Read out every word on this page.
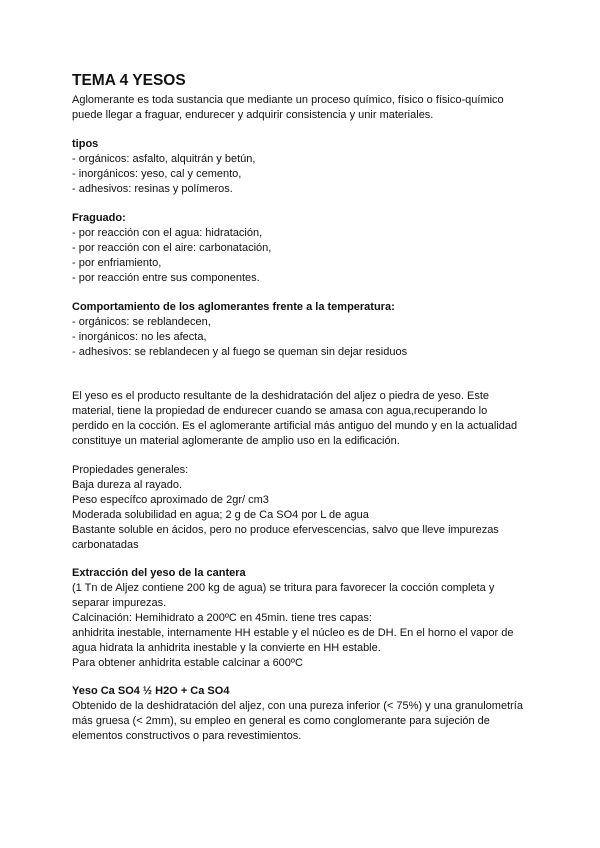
TEMA 4 YESOS

Aglomerante es toda sustancia que mediante un proceso químico, físico o físico-químico

puede llegar a fraguar, endurecer y adquirir consistencia y unir materiales.

tipos

- orgánicos: asfalto, alquitrán y betún,

- inorgánicos: yeso, cal y cemento,

- adhesivos: resinas y polímeros.

Fraguado:

- por reacción con el agua: hidratación,

- por reacción con el aire: carbonatación,

- por enfriamiento,

- por reacción entre sus componentes.

Comportamiento de los aglomerantes frente a la temperatura:

- orgánicos: se reblandecen,

- inorgánicos: no les afecta,

- adhesivos: se reblandecen y al fuego se queman sin dejar residuos

El yeso es el producto resultante de la deshidratación del aljez o piedra de yeso. Este

material, tiene la propiedad de endurecer cuando se amasa con agua,recuperando lo

perdido en la cocción. Es el aglomerante artificial más antiguo del mundo y en la actualidad

constituye un material aglomerante de amplio uso en la edificación.

Propiedades generales:

Baja dureza al rayado.

Peso específco aproximado de 2gr/ cm3

Moderada solubilidad en agua; 2 g de Ca SO4 por L de agua

Bastante soluble en ácidos, pero no produce efervescencias, salvo que lleve impurezas

carbonatadas

Extracción del yeso de la cantera

(1 Tn de Aljez contiene 200 kg de agua) se tritura para favorecer la cocción completa y

separar impurezas.

Calcinación: Hemihidrato a 200ºC en 45min. tiene tres capas:

anhidrita inestable, internamente HH estable y el núcleo es de DH. En el horno el vapor de

agua hidrata la anhidrita inestable y la convierte en HH estable.

Para obtener anhidrita estable calcinar a 600ºC

Yeso Ca SO4 ½ H2O + Ca SO4

Obtenido de la deshidratación del aljez, con una pureza inferior (< 75%) y una granulometría

más gruesa (< 2mm), su empleo en general es como conglomerante para sujeción de

elementos constructivos o para revestimientos.
